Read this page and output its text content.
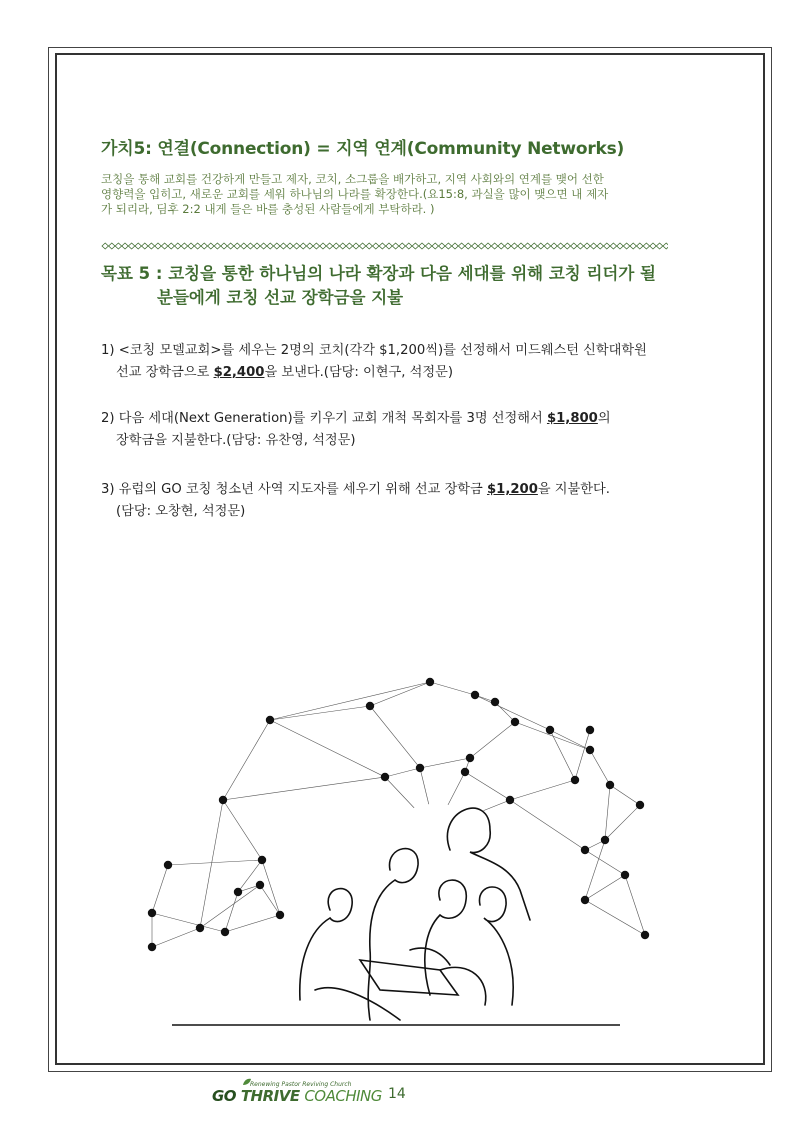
가치5: 연결(Connection) = 지역 연계(Community Networks)
코칭을 통해 교회를 건강하게 만들고 제자, 코치, 소그룹을 배가하고, 지역 사회와의 연계를 맺어 선한
영향력을 입히고, 새로운 교회를 세워 하나님의 나라를 확장한다.(요15:8, 과실을 많이 맺으면 내 제자
가 되리라, 딤후 2:2 내게 들은 바를 충성된 사람들에게 부탁하라. )
목표 5 : 코칭을 통한 하나님의 나라 확장과 다음 세대를 위해 코칭 리더가 될
분들에게 코칭 선교 장학금을 지불
1) <코칭 모델교회>를 세우는 2명의 코치(각각 $1,200씩)를 선정해서 미드웨스턴 신학대학원
선교 장학금으로 $2,400을 보낸다.(담당: 이현구, 석정문)
2) 다음 세대(Next Generation)를 키우기 교회 개척 목회자를 3명 선정해서 $1,800의
장학금을 지불한다.(담당: 유찬영, 석정문)
3) 유럽의 GO 코칭 청소년 사역 지도자를 세우기 위해 선교 장학금 $1,200을 지불한다.
(담당: 오창현, 석정문)
Renewing Pastor Reviving Church
GO THRIVE COACHING 14
